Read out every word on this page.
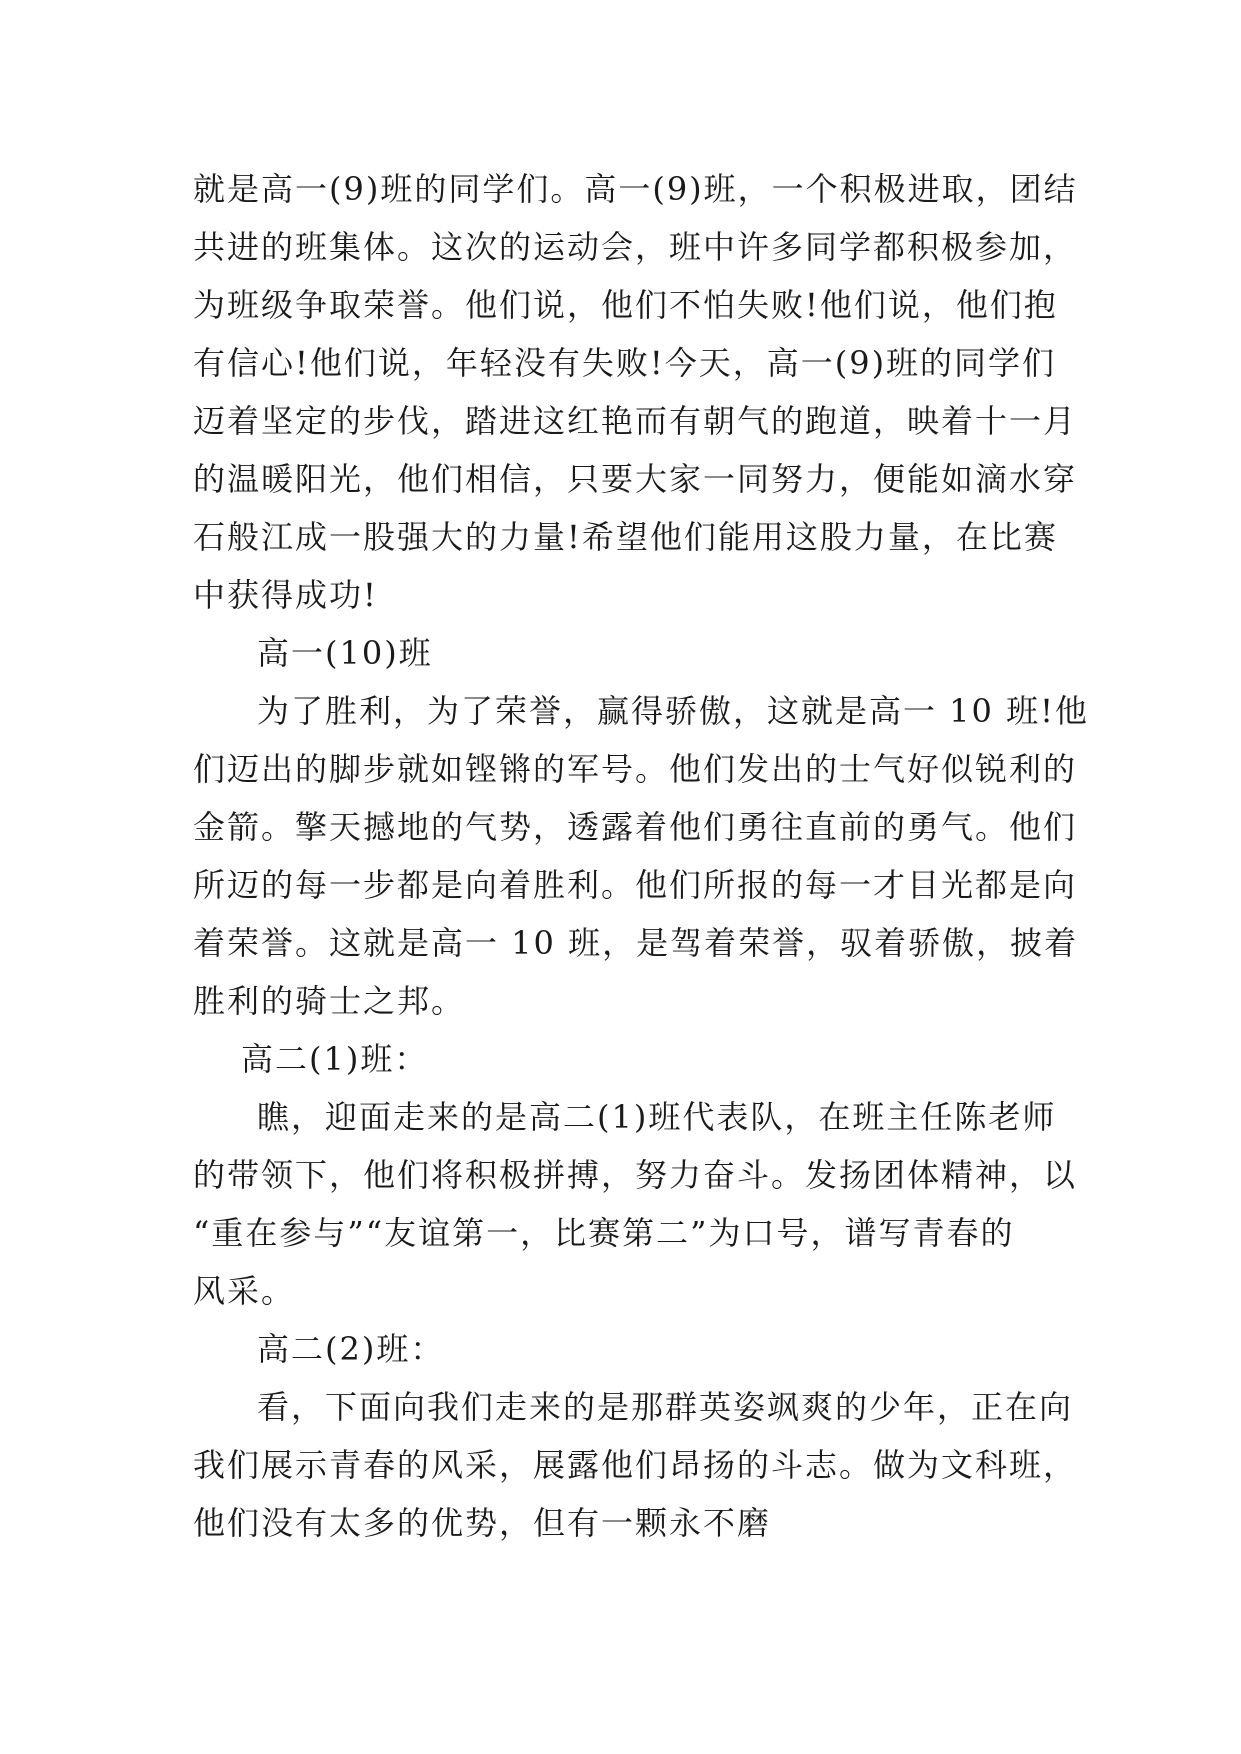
就是高一(9)班的同学们。高一(9)班，一个积极进取，团结
共进的班集体。这次的运动会，班中许多同学都积极参加，
为班级争取荣誉。他们说，他们不怕失败!他们说，他们抱
有信心!他们说，年轻没有失败!今天，高一(9)班的同学们
迈着坚定的步伐，踏进这红艳而有朝气的跑道，映着十一月
的温暖阳光，他们相信，只要大家一同努力，便能如滴水穿
石般江成一股强大的力量!希望他们能用这股力量，在比赛
中获得成功!
高一(10)班
为了胜利，为了荣誉，赢得骄傲，这就是高一 10 班!他
们迈出的脚步就如铿锵的军号。他们发出的士气好似锐利的
金箭。擎天撼地的气势，透露着他们勇往直前的勇气。他们
所迈的每一步都是向着胜利。他们所报的每一才目光都是向
着荣誉。这就是高一 10 班，是驾着荣誉，驭着骄傲，披着
胜利的骑士之邦。
高二(1)班：
瞧，迎面走来的是高二(1)班代表队，在班主任陈老师
的带领下，他们将积极拼搏，努力奋斗。发扬团体精神，以
“重在参与”“友谊第一，比赛第二”为口号，谱写青春的
风采。
高二(2)班：
看，下面向我们走来的是那群英姿飒爽的少年，正在向
我们展示青春的风采，展露他们昂扬的斗志。做为文科班，
他们没有太多的优势，但有一颗永不磨
